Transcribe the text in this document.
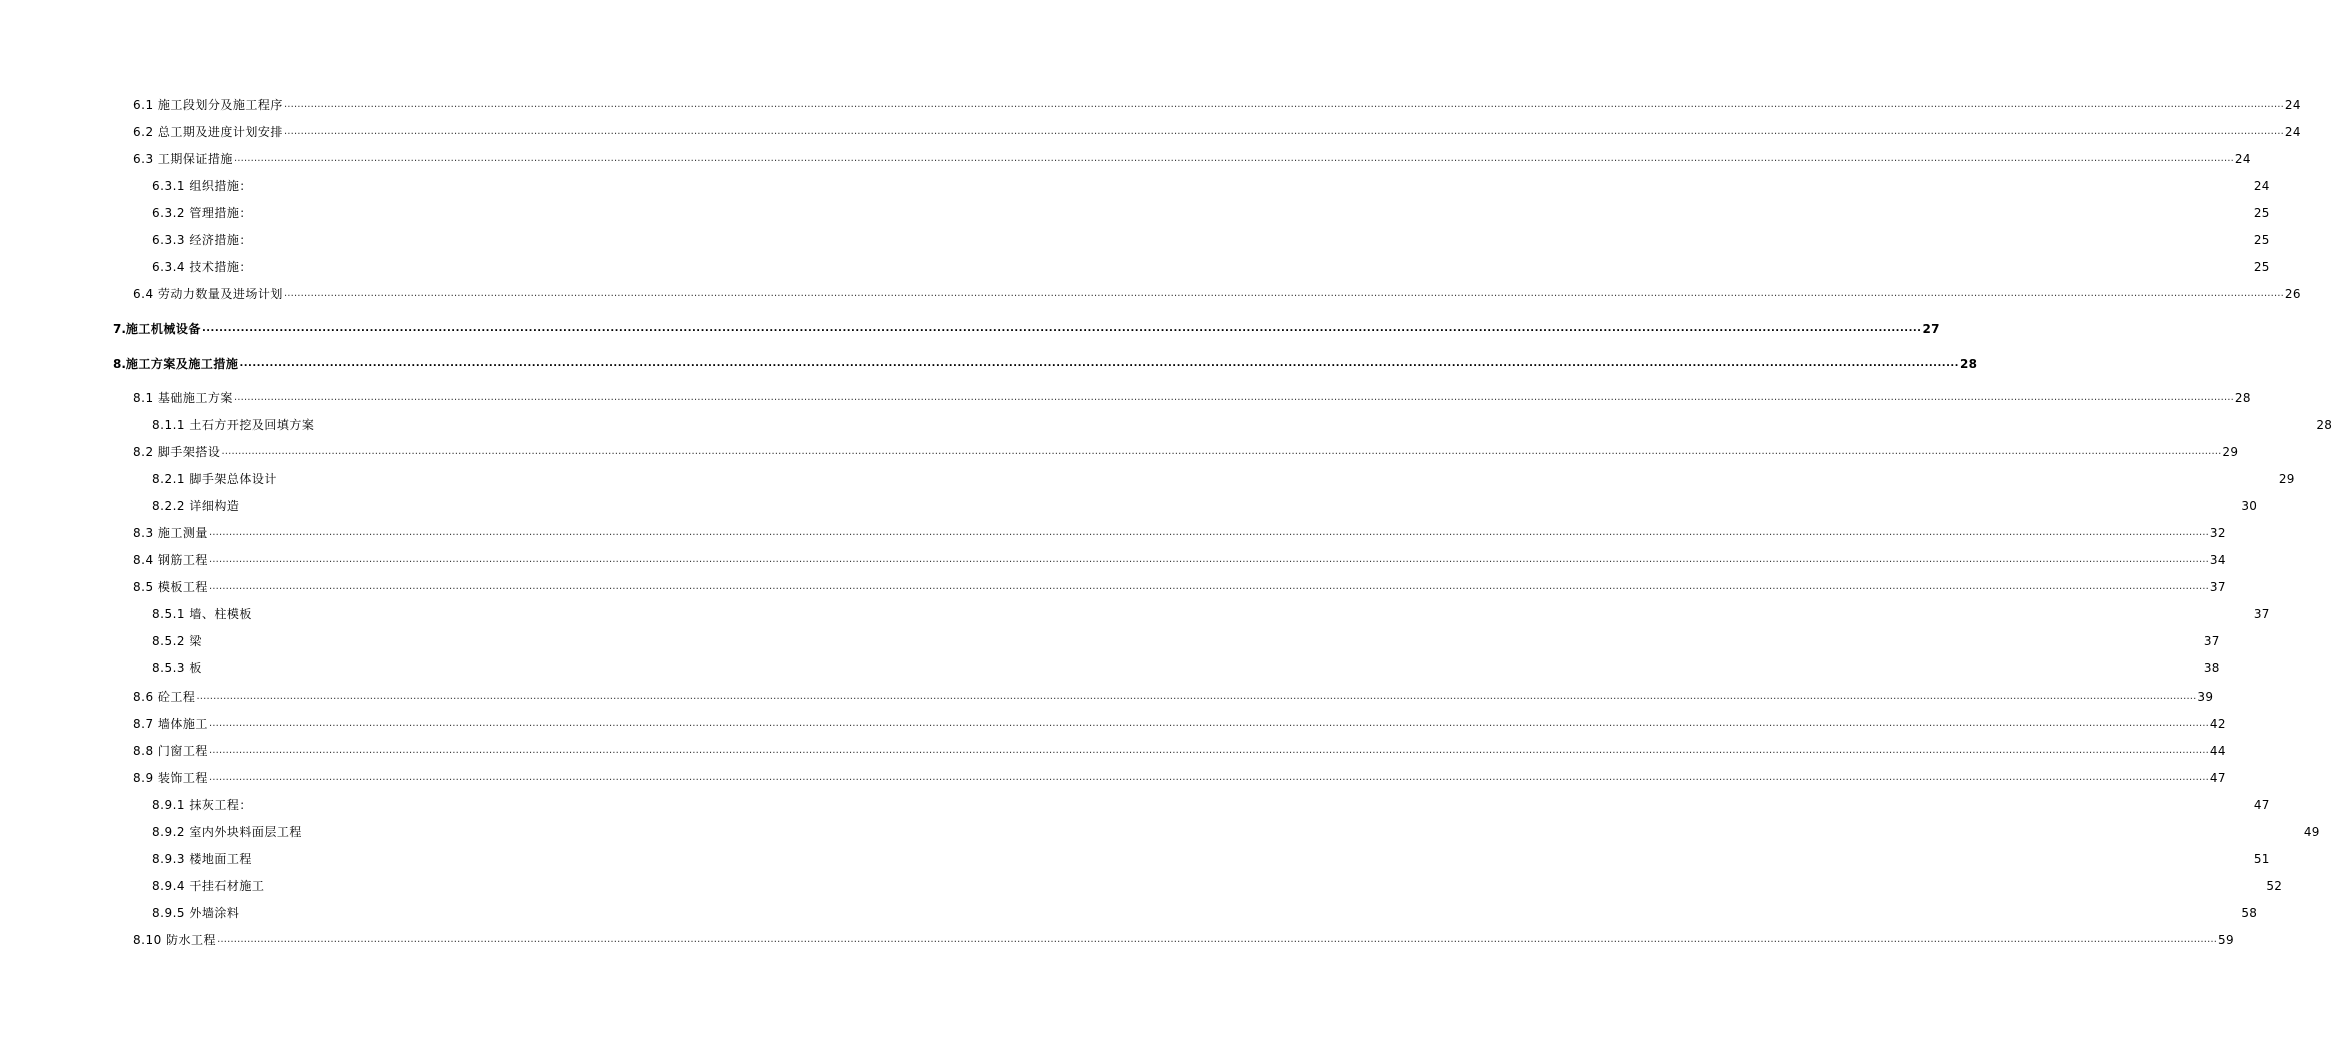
6.1 施工段划分及施工程序 …………………………………………………………………………………………………………………………………………………………………………………………………………………………………………………………………………………………………………………………………………………………………………………………………………………………………………………………………………………………………………………………………………………… 24
6.2 总工期及进度计划安排 …………………………………………………………………………………………………………………………………………………………………………………………………………………………………………………………………………………………………………………………………………………………………………………………………………………………………………………………………………………………………………………………………………………… 24
6.3 工期保证措施 …………………………………………………………………………………………………………………………………………………………………………………………………………………………………………………………………………………………………………………………………………………………………………………………………………………………………………………………………………………………………………………………………………………… 24
6.3.1 组织措施：	24
6.3.2 管理措施：	25
6.3.3 经济措施：	25
6.3.4 技术措施：	25
6.4 劳动力数量及进场计划 …………………………………………………………………………………………………………………………………………………………………………………………………………………………………………………………………………………………………………………………………………………………………………………………………………………………………………………………………………………………………………………………………………………… 26
7. 施工机械设备 ................................................................................................................................................................................................................................................................................................................................................................................................................ 27
8. 施工方案及施工措施 ................................................................................................................................................................................................................................................................................................................................................................................................................ 28
8.1 基础施工方案 …………………………………………………………………………………………………………………………………………………………………………………………………………………………………………………………………………………………………………………………………………………………………………………………………………………………………………………………………………………………………………………………………………………… 28
8.1.1 土石方开挖及回填方案	28
8.2 脚手架搭设 …………………………………………………………………………………………………………………………………………………………………………………………………………………………………………………………………………………………………………………………………………………………………………………………………………………………………………………………………………………………………………………………………………………… 29
8.2.1 脚手架总体设计	29
8.2.2 详细构造	30
8.3 施工测量 …………………………………………………………………………………………………………………………………………………………………………………………………………………………………………………………………………………………………………………………………………………………………………………………………………………………………………………………………………………………………………………………………………………… 32
8.4 钢筋工程 …………………………………………………………………………………………………………………………………………………………………………………………………………………………………………………………………………………………………………………………………………………………………………………………………………………………………………………………………………………………………………………………………………………… 34
8.5 模板工程 …………………………………………………………………………………………………………………………………………………………………………………………………………………………………………………………………………………………………………………………………………………………………………………………………………………………………………………………………………………………………………………………………………………… 37
8.5.1 墙、柱模板	37
8.5.2 梁	37
8.5.3 板	38
8.6 砼工程 …………………………………………………………………………………………………………………………………………………………………………………………………………………………………………………………………………………………………………………………………………………………………………………………………………………………………………………………………………………………………………………………………………………… 39
8.7 墙体施工 …………………………………………………………………………………………………………………………………………………………………………………………………………………………………………………………………………………………………………………………………………………………………………………………………………………………………………………………………………………………………………………………………………………… 42
8.8 门窗工程 …………………………………………………………………………………………………………………………………………………………………………………………………………………………………………………………………………………………………………………………………………………………………………………………………………………………………………………………………………………………………………………………………………………… 44
8.9 装饰工程 …………………………………………………………………………………………………………………………………………………………………………………………………………………………………………………………………………………………………………………………………………………………………………………………………………………………………………………………………………………………………………………………………………………… 47
8.9.1 抹灰工程：	47
8.9.2 室内外块料面层工程	49
8.9.3 楼地面工程	51
8.9.4 干挂石材施工	52
8.9.5 外墙涂料	58
8.10 防水工程 …………………………………………………………………………………………………………………………………………………………………………………………………………………………………………………………………………………………………………………………………………………………………………………………………………………………………………………………………………………………………………………………………………………… 59
